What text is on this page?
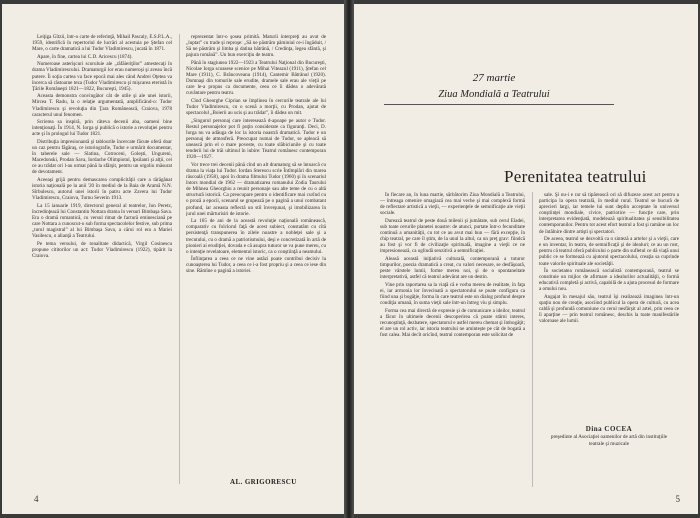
Leiţiga Gîtzii, într-o carte de referinţă, Mihail Pascaly, E.S.P.L.A., 1959, identifică în repertoriul de lucrări al acestuia pe Ştefan cel Mare, o carte dramatică a lui Tudor Vladimirescu, jucată în 1871.

Apare, în fine, cartea lui C.D. Aricescu (1874).

Numeroase asterişcuri scoruluie ale „răfăieriţilor” amestecaţi în drama Vladimirescului. Dramaturgii lor erau numeroşi şi aveau încă putere. Îi soţia cartea va face epocă mai ales când Andrei Oţetea va încerca să răstoarne teza (Tudor Vladimirescu şi mişcarea eteristă în Ţările Româneşti 1821—1822, Bucureşti, 1945).

Aceasta demonstra convingător cât de utile şi ale unei istorii, Mircea T. Radu, la o relaţie argumentată, amplificând-o: Tudor Vladimirescu şi revoluţia din Ţara Românească, Craiova, 1978 caracterul unui fenomen.

Scrierea sa inspiră, prin câteva decenii aba, oameni bine intenţionaţi. În 1914, N. Iorga şi publică o istorie a revoluţiei pentru acte şi în prologul lui Tudor 1821.

Distribuţia impresionantă şi tablourile încercate făcute oferă doar un caz pentru făgăraş, ce istoriografie, Tudor e urmărit documentar, în taberele sale — Slatina, Cotroceni, Goleşti, Ungureni, Macedonski, Prodan Sava, Iordache Olimpiotul, Ipsilanti şi alţii, cei ce au trădat ori l-au urmat până la sfârşit, pentru un orgoliu măsurat de devotament.

Aceeaşi grijă pentru demascarea complicităţii care a tărăgănat istoria naţională pe la anii '20 în mediul de la Baia de Aramă N.N. Sîrbulescu, autorul unei istorii în patru acte Zavera lui Tudor Vladimirescu, Craiova, Turnu Severin 1913.

La 15 ianuarie 1919, directorul general al teatrelor, Ion Peretz, încredinţează lui Constantin Nottara drama în versuri Bimbaşa Sava. Era o dramă romantică, cu versul rimat de factură eminesciană pe care Nottara a cunoscut-o sub forma spectacolelor festive, sub prima „turul magistral” al lui Bimbaşa Sava, a cărui rol era a Mariei Vasilescu, o alianţă a Teatrului.

Pe tema versului, de tonalitate didactică, Virgil Cosinescu propune cititorilor un act: Tudor Vladimirescu (1922), tipărit la Craiova.

reprezentat într-o şosea primită. Maturii interpreţi au avut de „luptat” cu trade şi reproşe: „Să ne păstrăm păminiul ce-i îngăduit, / Să ne păstrăm şi limba şi datina bătrână, / Credinţa, legea sfântă, şi pajura română”. Un bun exerciţiu de teatru.

Până în stagiunea 1922—1923 a Teatrului Naţional din Bucureşti, Nicolae Iorga scoasese scenice pe Mihai Viteazul (1911), Ştefan cel Mare (1911), C. Brâncoveanu (1914), Cantemir Bătrânul (1920). Domnaşi din tomurile sale erudite, dramele sale erau ale vieţii pe care le-a propus ca documente, ceea ce îi dădea o adevărată cuvântare pentru teatru.

Cînd Gheorghe Ciprian se împlinea în cercurile teatrale ale lui Tudor Vladimirescu, cu o scenă a morţii, cu Prodan, ajutat de spectacolul „Boierii au ucis şi au trădat”, îi dădea un mit.

„Singurul personaj care interesează d-apoape pe autor e Tudor. Restul personajelor pot fi puţin considerate ca figuranţi. Deci, D. Iorga nu va adăuga de loc la istoria noastră dramatică. Tudor e un personaj de atmosferă. Preocupat numai de Tudor, se apleacă să unească prin el o mare poveste, cu toate slăbiciunile şi cu toate tenderii lui de trăi ultimul în iubire: Teatrul românesc contemporan 1920—1927.

Vor trece trei decenii până cînd un alt dramaturg să se întoarcă cu drama la viaţa lui Tudor. Iordan Sterescu scrie Întîmplări din marea răscoală (1958), apoi în drama filmului Tudor (1960) şi în scenariul întors mondial de 1962 — dramatizarea romanului Zodia Taurului de Mihnea Gheorghiu a reunit personaje sau alte teme de cu o altă structură istorică. Ca preocupare pentru o identificare mai curînd cu o proză a epocii, scenarul se grupează pe o pagină a unui combatant profund, iar aceasta reflectă un stil înverşunat, şi imobilizarea în jurul unei mărturisiri de istorie.

La 165 de ani de la această revoluţie naţională românească, comparativ cu folclorul faţă de acest subiect, constatăm cu cîtă persistenţă transpunerea în zilele noastre a nobleţei sale şi a trecutului, cu o dramă a patriotismului, deşi e concretizată în artă de pionieri ai erudiţiei, dovada e că asupra tuturor se va pune mereu, cu o intenţie revelatoare, elementul istoric, ca o conştiinţă a neamului.

Înfiinţarea a ceea ce ne vine astăzi poate contribui decisiv la cunoaşterea lui Tudor, a ceea ce i-a fost propriu şi a ceea ce iese din sine. Rămîne o pagină a istoriei.

AL. GRIGORESCU
4
27 martie
Ziua Mondială a Teatrului
Perenitatea teatrului

În fiecare an, în luna martie, sărbătorim Ziua Mondială a Teatrului, — întreaga omenire omagiază cea mai veche şi mai complexă formă de reflectare artistică a vieţii, — experienţele de semnificaţie ale vieţii sociale.

Durează teatrul de peste două milenii şi jumătate, sub cerul Eladei, sub toate cerurile planetei noastre: de atunci, purtate într-o fecunditate continuă a umanităţii, cu tot ce au avut mai bun — fără excepţie, în chip teatral, pe care îl ştim, de la unul la altul, ca un preţ grav: fiindcă au fost şi vor fi de civilizaţie spirituală, imagine a vieţii ce ne impresionează, ca oglindă senzitivă a semnificaţiei.

Aleasă această iniţiativă culturală, contemporană a tuturor timpurilor, poezia dramatică a creat, cu valori necesare, se desfăşoară, peste vârstele lumii, forme mereu noi, şi de o spontaneitate interpretativă, astfel că teatrul adevărat are un destin.

Vine prin raportarea sa la viaţă că e vorba mereu de realitate, în faţa ei, iar armonia lor învecinată a spectatorului se poate configura ca fiind una şi bogăţie, forma în care teatrul este un dialog profund despre condiţia umană, în suma vieţii sale într-un întreg viu şi simplu.

Forma cea mai directă de expresie şi de comunicare a ideilor, teatrul a făcut în ultimele decenii descoperirea că poate stârni interes, recunoştinţă, dezbatere, spectatorul e astfel mereu chemat şi îmbogăţit; el are un rol activ, iar istoria teatrului ne amintește pe cât de bogată a fost calea. Mai decît oricînd, teatrul contemporan este solicitat de

sale. Şi nu-i e rar să tipărească ori să difuzeze acest act pentru a participa la opera teatrală, în mediul rural. Teatrul se bucură de aprecieri largi, iar temele lui sunt deplin acceptate în universul conştiinţei mondiale, civice, patriotice — funcţie care, prin interpretarea evidenţiată, modelează spiritualitatea şi sensibilitatea contemporanilor. Pentru tot acest efort teatrul a fost şi ramâne un loc de întâlnire dintre artişti şi spectatori.

De aceea, teatrul se dezvoltă ca o sinteză a artelor şi a vieţii, care e un inventar, în teatru, de semnificaţii şi de idealuri; ce au un rost, pentru că teatrul oferă publicului o parte din sufletul ce dă viaţă unui public ce se formează cu ajutorul spectacolului, creaţia sa cuprinde toate valorile spirituale ale societăţii.

În societatea românească socialistă contemporană, teatrul se constituie un mijloc de afirmare a idealurilor actualităţii, o formă educativă completă şi activă, capabilă de a ajuta procesul de formare a omului nou.

Angajat în mesajul său, teatrul îşi realizează imaginea într-un spaţiu nou de creaţie, asociind publicul la opera de cultură, cu acea caldă şi profundă comuniune cu cerul nesfârşit al artei, prin ceea ce îi aparţine — prin teatrul românesc, deschis la toate manifestările valoroase ale lumii.

Dina COCEA
preşedinte al Asociaţiei oamenilor de artă din instituţiile teatrale şi muzicale
5
